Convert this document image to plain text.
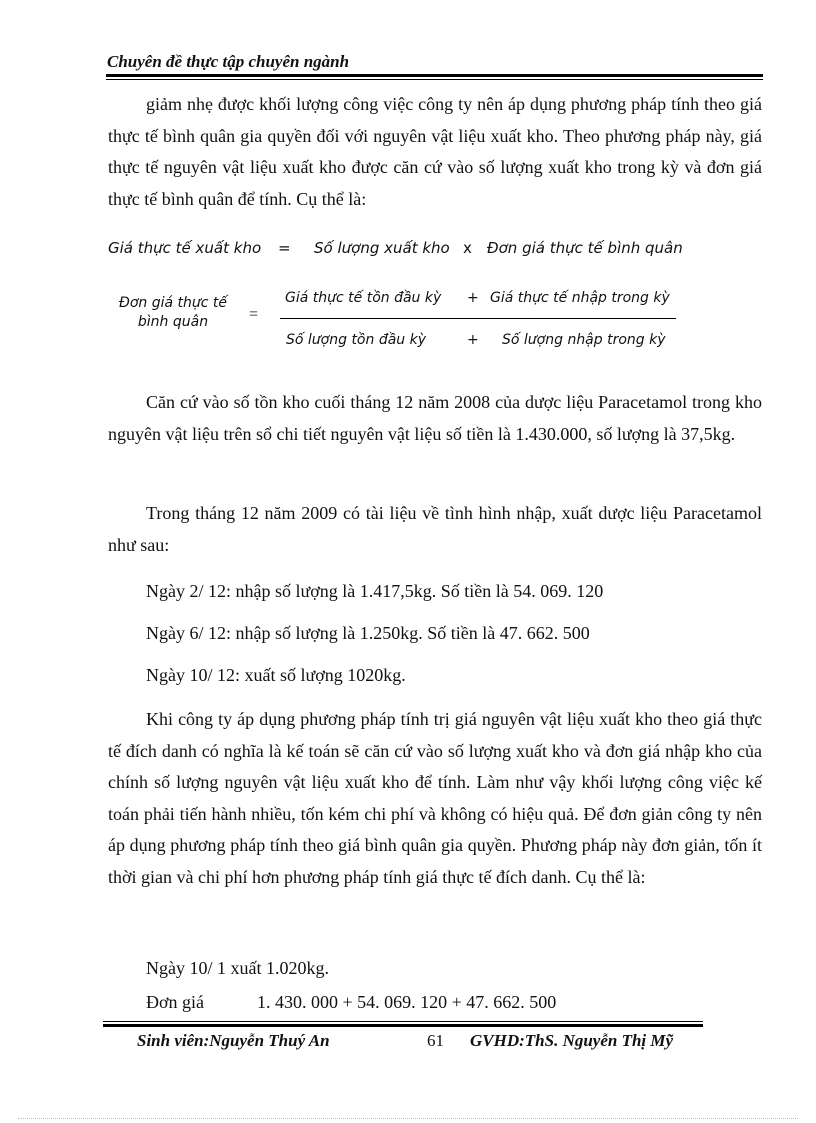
Chuyên đề thực tập chuyên ngành

giảm nhẹ được khối lượng công việc công ty nên áp dụng phương pháp tính theo giá thực tế bình quân gia quyền đối với nguyên vật liệu xuất kho. Theo phương pháp này, giá thực tế nguyên vật liệu xuất kho được căn cứ vào số lượng xuất kho trong kỳ và đơn giá thực tế bình quân để tính. Cụ thể là:

Giá thực tế xuất kho = Số lượng xuất kho x Đơn giá thực tế bình quân
Đơn giá thực tế bình quân	=
Giá thực tế tồn đầu kỳ + Giá thực tế nhập trong kỳ
Số lượng tồn đầu kỳ	+ Số lượng nhập trong kỳ

Căn cứ vào số tồn kho cuối tháng 12 năm 2008 của dược liệu Paracetamol trong kho nguyên vật liệu trên sổ chi tiết nguyên vật liệu số tiền là 1.430.000, số lượng là 37,5kg.

Trong tháng 12 năm 2009 có tài liệu về tình hình nhập, xuất dược liệu Paracetamol như sau:

Ngày 2/ 12: nhập số lượng là 1.417,5kg. Số tiền là 54. 069. 120
Ngày 6/ 12: nhập số lượng là 1.250kg. Số tiền là 47. 662. 500
Ngày 10/ 12: xuất số lượng 1020kg.

Khi công ty áp dụng phương pháp tính trị giá nguyên vật liệu xuất kho theo giá thực tế đích danh có nghĩa là kế toán sẽ căn cứ vào số lượng xuất kho và đơn giá nhập kho của chính số lượng nguyên vật liệu xuất kho để tính. Làm như vậy khối lượng công việc kế toán phải tiến hành nhiều, tốn kém chi phí và không có hiệu quả. Để đơn giản công ty nên áp dụng phương pháp tính theo giá bình quân gia quyền. Phương pháp này đơn giản, tốn ít thời gian và chi phí hơn phương pháp tính giá thực tế đích danh. Cụ thể là:

Ngày 10/ 1 xuất 1.020kg.
Đơn giá	1. 430. 000 + 54. 069. 120 + 47. 662. 500
Sinh viên:Nguyễn Thuý An	61 GVHD:ThS. Nguyễn Thị Mỹ
